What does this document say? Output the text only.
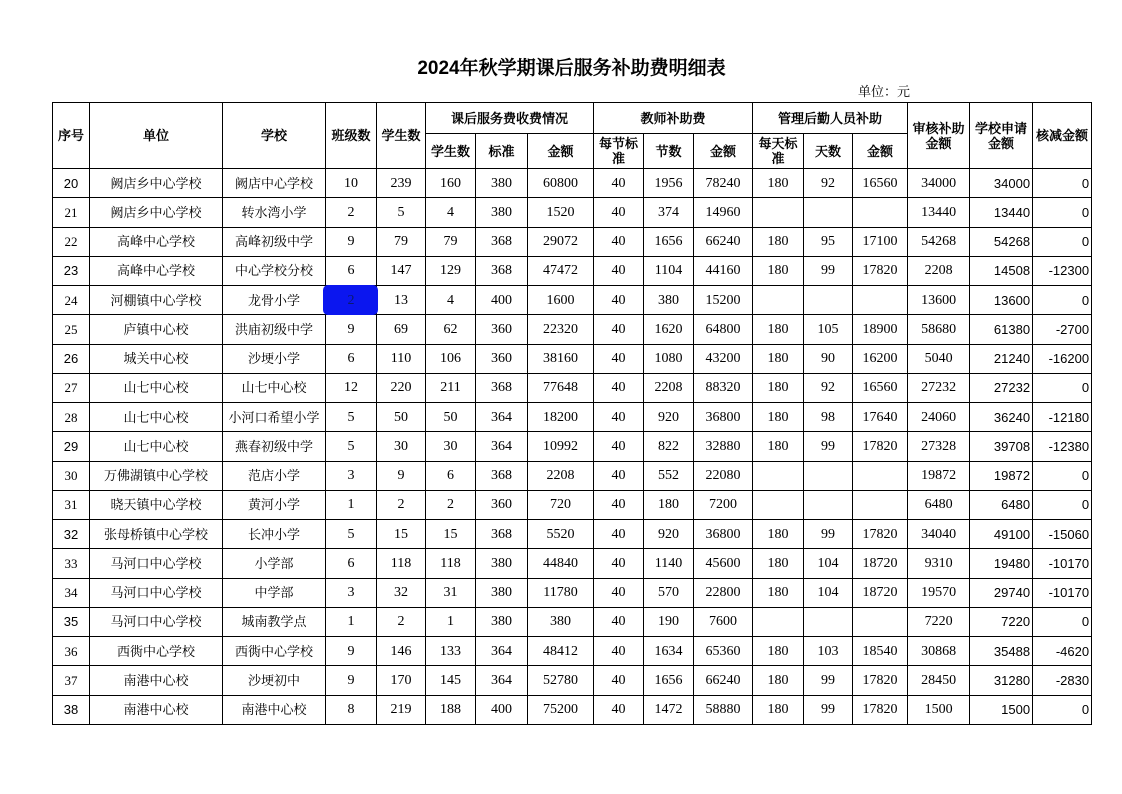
2024年秋学期课后服务补助费明细表
单位：元
序号	单位	学校	班级数	学生数	课后服务费收费情况			教师补助费			管理后勤人员补助			审核补助金额	学校申请金额	核减金额
					学生数	标准	金额	每节标准	节数	金额	每天标准	天数	金额			
20	阙店乡中心学校	阙店中心学校	10	239	160	380	60800	40	1956	78240	180	92	16560	34000	34000	0
21	阙店乡中心学校	转水湾小学	2	5	4	380	1520	40	374	14960				13440	13440	0
22	高峰中心学校	高峰初级中学	9	79	79	368	29072	40	1656	66240	180	95	17100	54268	54268	0
23	高峰中心学校	中心学校分校	6	147	129	368	47472	40	1104	44160	180	99	17820	2208	14508	-12300
24	河棚镇中心学校	龙骨小学	2	13	4	400	1600	40	380	15200				13600	13600	0
25	庐镇中心校	洪庙初级中学	9	69	62	360	22320	40	1620	64800	180	105	18900	58680	61380	-2700
26	城关中心校	沙埂小学	6	110	106	360	38160	40	1080	43200	180	90	16200	5040	21240	-16200
27	山七中心校	山七中心校	12	220	211	368	77648	40	2208	88320	180	92	16560	27232	27232	0
28	山七中心校	小河口希望小学	5	50	50	364	18200	40	920	36800	180	98	17640	24060	36240	-12180
29	山七中心校	燕春初级中学	5	30	30	364	10992	40	822	32880	180	99	17820	27328	39708	-12380
30	万佛湖镇中心学校	范店小学	3	9	6	368	2208	40	552	22080				19872	19872	0
31	晓天镇中心学校	黄河小学	1	2	2	360	720	40	180	7200				6480	6480	0
32	张母桥镇中心学校	长冲小学	5	15	15	368	5520	40	920	36800	180	99	17820	34040	49100	-15060
33	马河口中心学校	小学部	6	118	118	380	44840	40	1140	45600	180	104	18720	9310	19480	-10170
34	马河口中心学校	中学部	3	32	31	380	11780	40	570	22800	180	104	18720	19570	29740	-10170
35	马河口中心学校	城南教学点	1	2	1	380	380	40	190	7600				7220	7220	0
36	西衖中心学校	西衖中心学校	9	146	133	364	48412	40	1634	65360	180	103	18540	30868	35488	-4620
37	南港中心校	沙埂初中	9	170	145	364	52780	40	1656	66240	180	99	17820	28450	31280	-2830
38	南港中心校	南港中心校	8	219	188	400	75200	40	1472	58880	180	99	17820	1500	1500	0
